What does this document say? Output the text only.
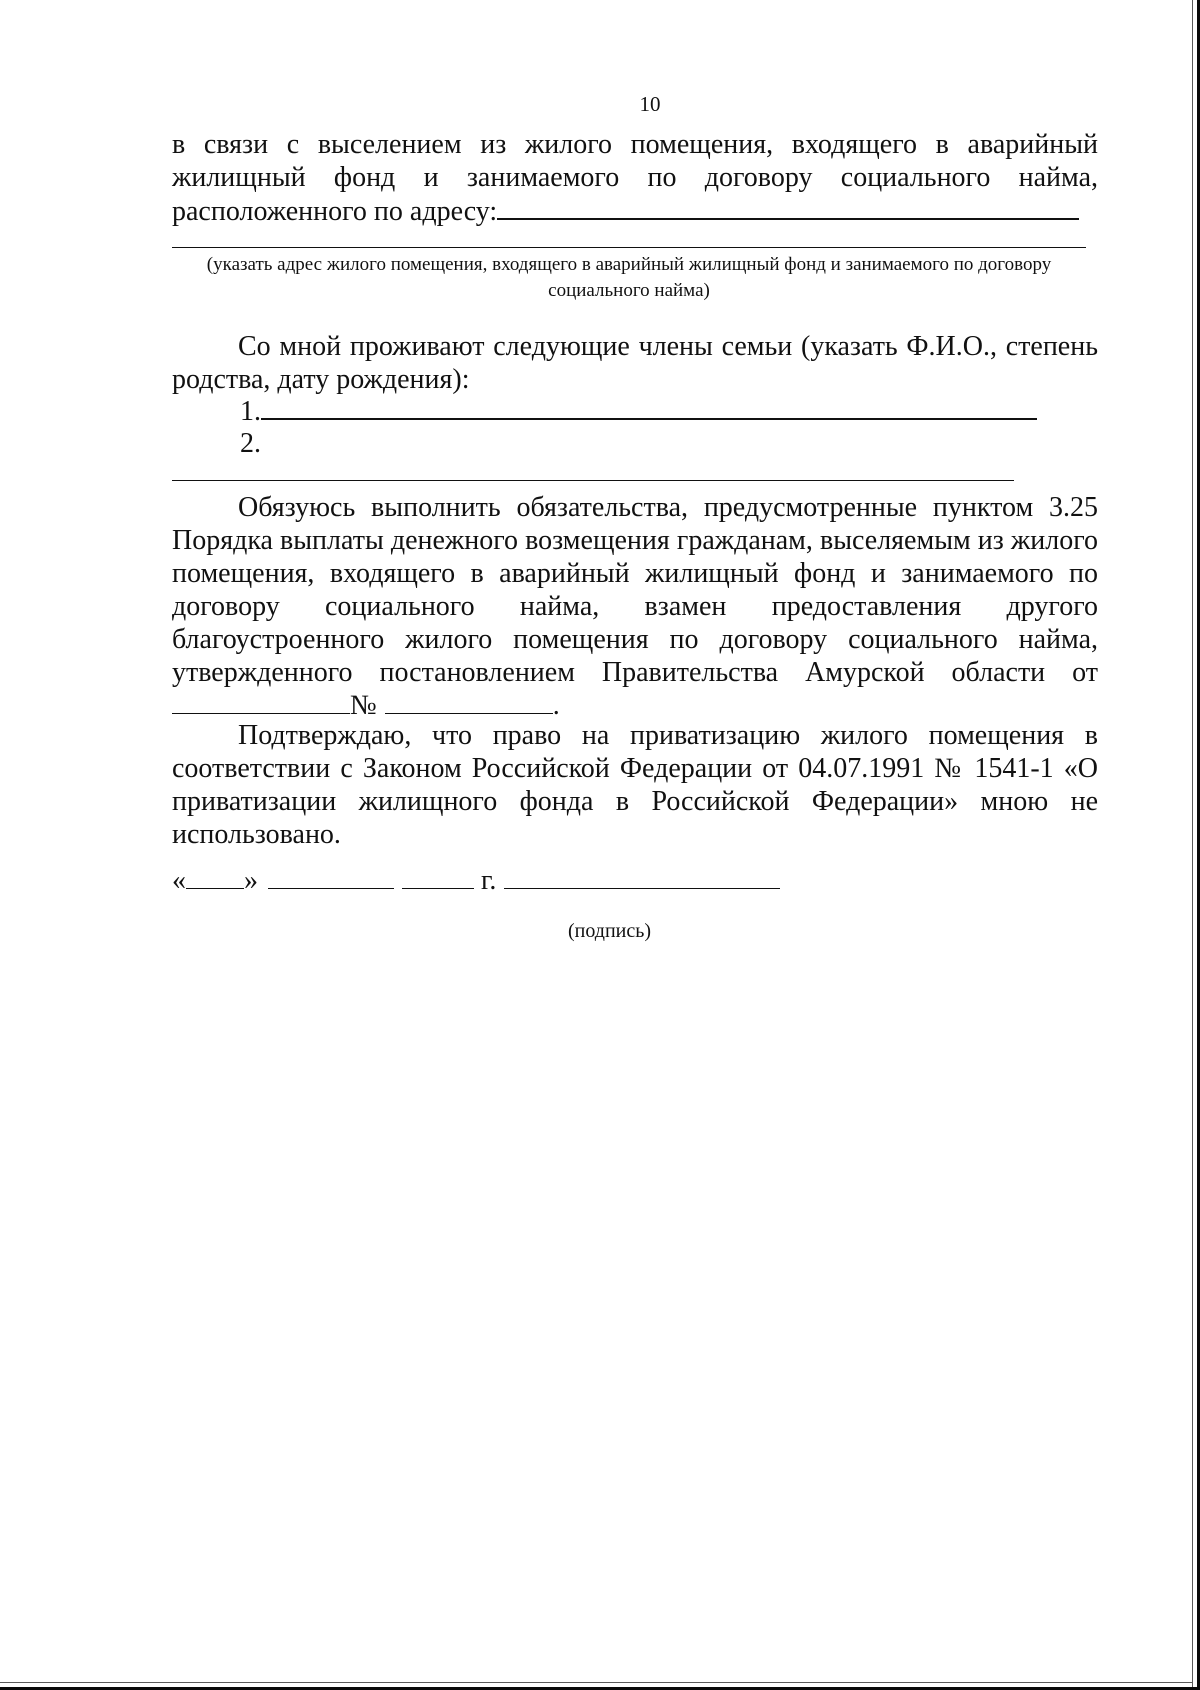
10
в связи с выселением из жилого помещения, входящего в аварийный жилищный фонд и занимаемого по договору социального найма, расположенного по адресу:
(указать адрес жилого помещения, входящего в аварийный жилищный фонд и занимаемого по договору социального найма)
Со мной проживают следующие члены семьи (указать Ф.И.О., степень родства, дату рождения):
1.
2.
Обязуюсь выполнить обязательства, предусмотренные пунктом 3.25 Порядка выплаты денежного возмещения гражданам, выселяемым из жилого помещения, входящего в аварийный жилищный фонд и занимаемого по договору социального найма, взамен предоставления другого благоустроенного жилого помещения по договору социального найма, утвержденного постановлением Правительства Амурской области от№	.
Подтверждаю, что право на приватизацию жилого помещения в соответствии с Законом Российской Федерации от 04.07.1991 № 1541-1 «О приватизации жилищного фонда в Российской Федерации» мною не использовано.
« »	г.
(подпись)
